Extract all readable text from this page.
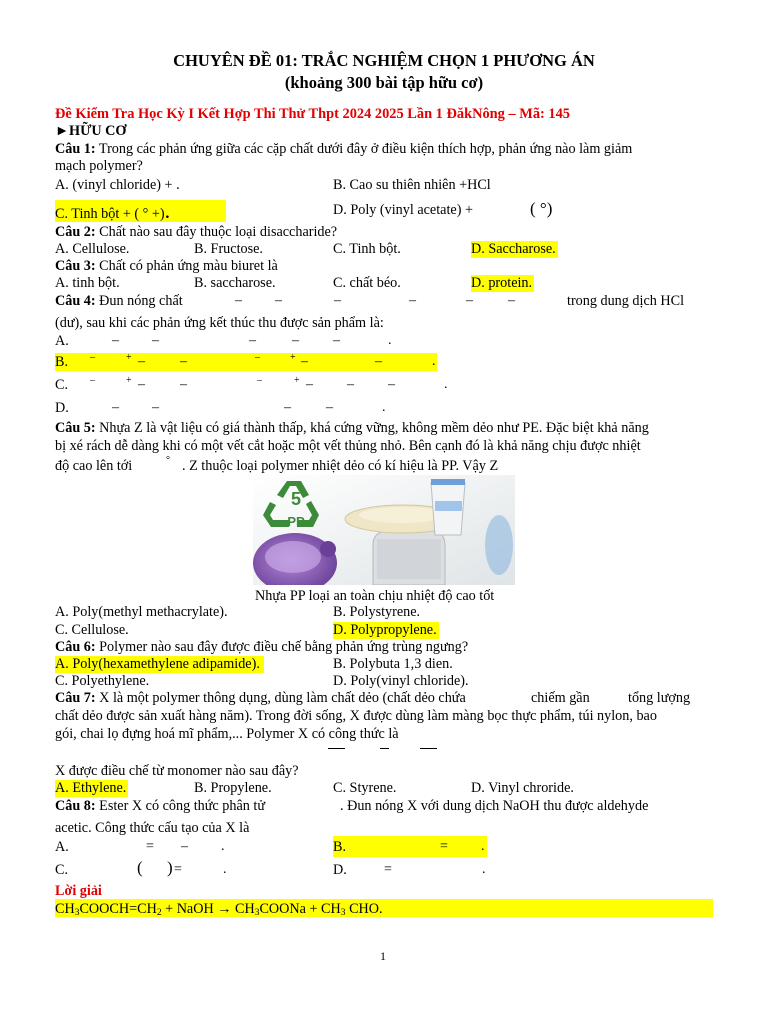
CHUYÊN ĐỀ 01: TRẮC NGHIỆM CHỌN 1 PHƯƠNG ÁN
(khoảng 300 bài tập hữu cơ)
Đề Kiểm Tra Học Kỳ I Kết Hợp Thi Thử Thpt 2024 2025 Lần 1 ĐăkNông – Mã: 145
►HỮU CƠ
Câu 1: Trong các phản ứng giữa các cặp chất dưới đây ở điều kiện thích hợp, phản ứng nào làm giảm
mạch polymer?
A. (vinyl chloride) + .	B. Cao su thiên nhiên +HCl
C. Tinh bột + ( ° +).	D. Poly (vinyl acetate) +	( °)
Câu 2: Chất nào sau đây thuộc loại disaccharide?
A. Cellulose.	B. Fructose.	C. Tinh bột.	D. Saccharose.
Câu 3: Chất có phản ứng màu biuret là
A. tinh bột.	B. saccharose.	C. chất béo.	D. protein.
Câu 4: Đun nóng chất	– –	–	–	–	–	trong dung dịch HCl
(dư), sau khi các phản ứng kết thúc thu được sản phẩm là:
A.	– –	–	– –	.
B. –	+ –	–	–	+ –	–	.
C. –	+ –	–	–	+ – – –	.
D.	– –	–	–	.
Câu 5: Nhựa Z là vật liệu có giá thành thấp, khá cứng vững, không mềm dẻo như PE. Đặc biệt khả năng
bị xé rách dễ dàng khi có một vết cắt hoặc một vết thủng nhỏ. Bên cạnh đó là khả năng chịu được nhiệt
độ cao lên tới	° . Z thuộc loại polymer nhiệt dẻo có kí hiệu là PP. Vậy Z
5
PP
Nhựa PP loại an toàn chịu nhiệt độ cao tốt
A. Poly(methyl methacrylate).	B. Polystyrene.
C. Cellulose.	D. Polypropylene.
Câu 6: Polymer nào sau đây được điều chế bằng phản ứng trùng ngưng?
A. Poly(hexamethylene adipamide).	B. Polybuta 1,3 dien.
C. Polyethylene.	D. Poly(vinyl chloride).
Câu 7: X là một polymer thông dụng, dùng làm chất dẻo (chất dẻo chứa	chiếm gần	tổng lượng
chất dẻo được sản xuất hàng năm). Trong đời sống, X được dùng làm màng bọc thực phẩm, túi nylon, bao
gói, chai lọ đựng hoá mĩ phẩm,... Polymer X có công thức là
X được điều chế từ monomer nào sau đây?
A. Ethylene.	B. Propylene.	C. Styrene.	D. Vinyl chroride.
Câu 8: Ester X có công thức phân tử	. Đun nóng X với dung dịch NaOH thu được aldehyde
acetic. Công thức cấu tạo của X là
A.	= – .	B.	= .
C.	( ) =	.	D.	=	.
Lời giải
$CH_3COOCH=CH_2$ + NaOH → $CH_3COONa + CH_3$ CHO.
1
